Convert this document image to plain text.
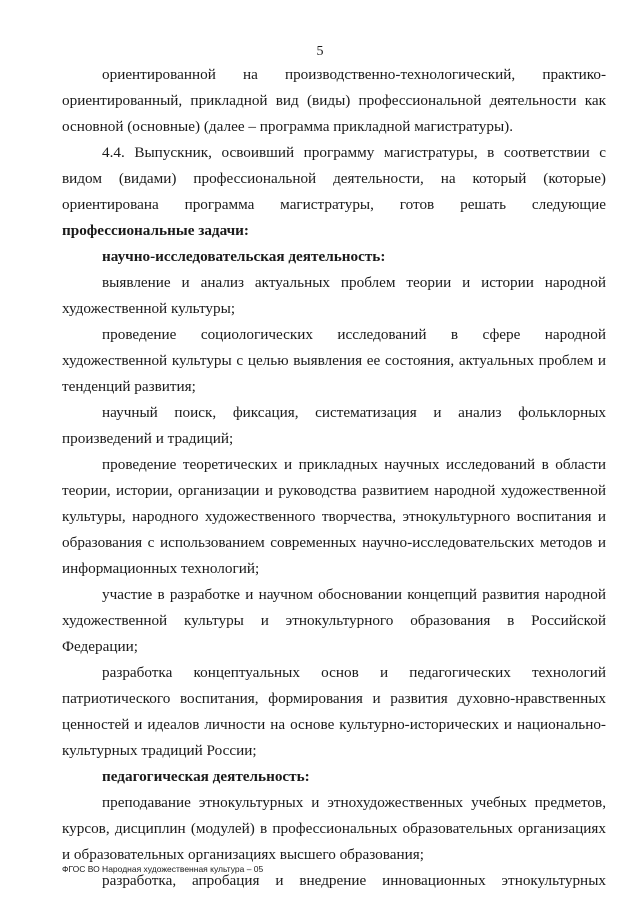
5

ориентированной на производственно-технологический, практико-ориентированный, прикладной вид (виды) профессиональной деятельности как основной (основные) (далее – программа прикладной магистратуры).

4.4. Выпускник, освоивший программу магистратуры, в соответствии с видом (видами) профессиональной деятельности, на который (которые) ориентирована программа магистратуры, готов решать следующие профессиональные задачи:

научно-исследовательская деятельность:

выявление и анализ актуальных проблем теории и истории народной художественной культуры;

проведение социологических исследований в сфере народной художественной культуры с целью выявления ее состояния, актуальных проблем и тенденций развития;

научный поиск, фиксация, систематизация и анализ фольклорных произведений и традиций;

проведение теоретических и прикладных научных исследований в области теории, истории, организации и руководства развитием народной художественной культуры, народного художественного творчества, этнокультурного воспитания и образования с использованием современных научно-исследовательских методов и информационных технологий;

участие в разработке и научном обосновании концепций развития народной художественной культуры и этнокультурного образования в Российской Федерации;

разработка концептуальных основ и педагогических технологий патриотического воспитания, формирования и развития духовно-нравственных ценностей и идеалов личности на основе культурно-исторических и национально-культурных традиций России;

педагогическая деятельность:

преподавание этнокультурных и этнохудожественных учебных предметов, курсов, дисциплин (модулей) в профессиональных образовательных организациях и образовательных организациях высшего образования;

разработка, апробация и внедрение инновационных этнокультурных

ФГОС ВО Народная художественная культура – 05
